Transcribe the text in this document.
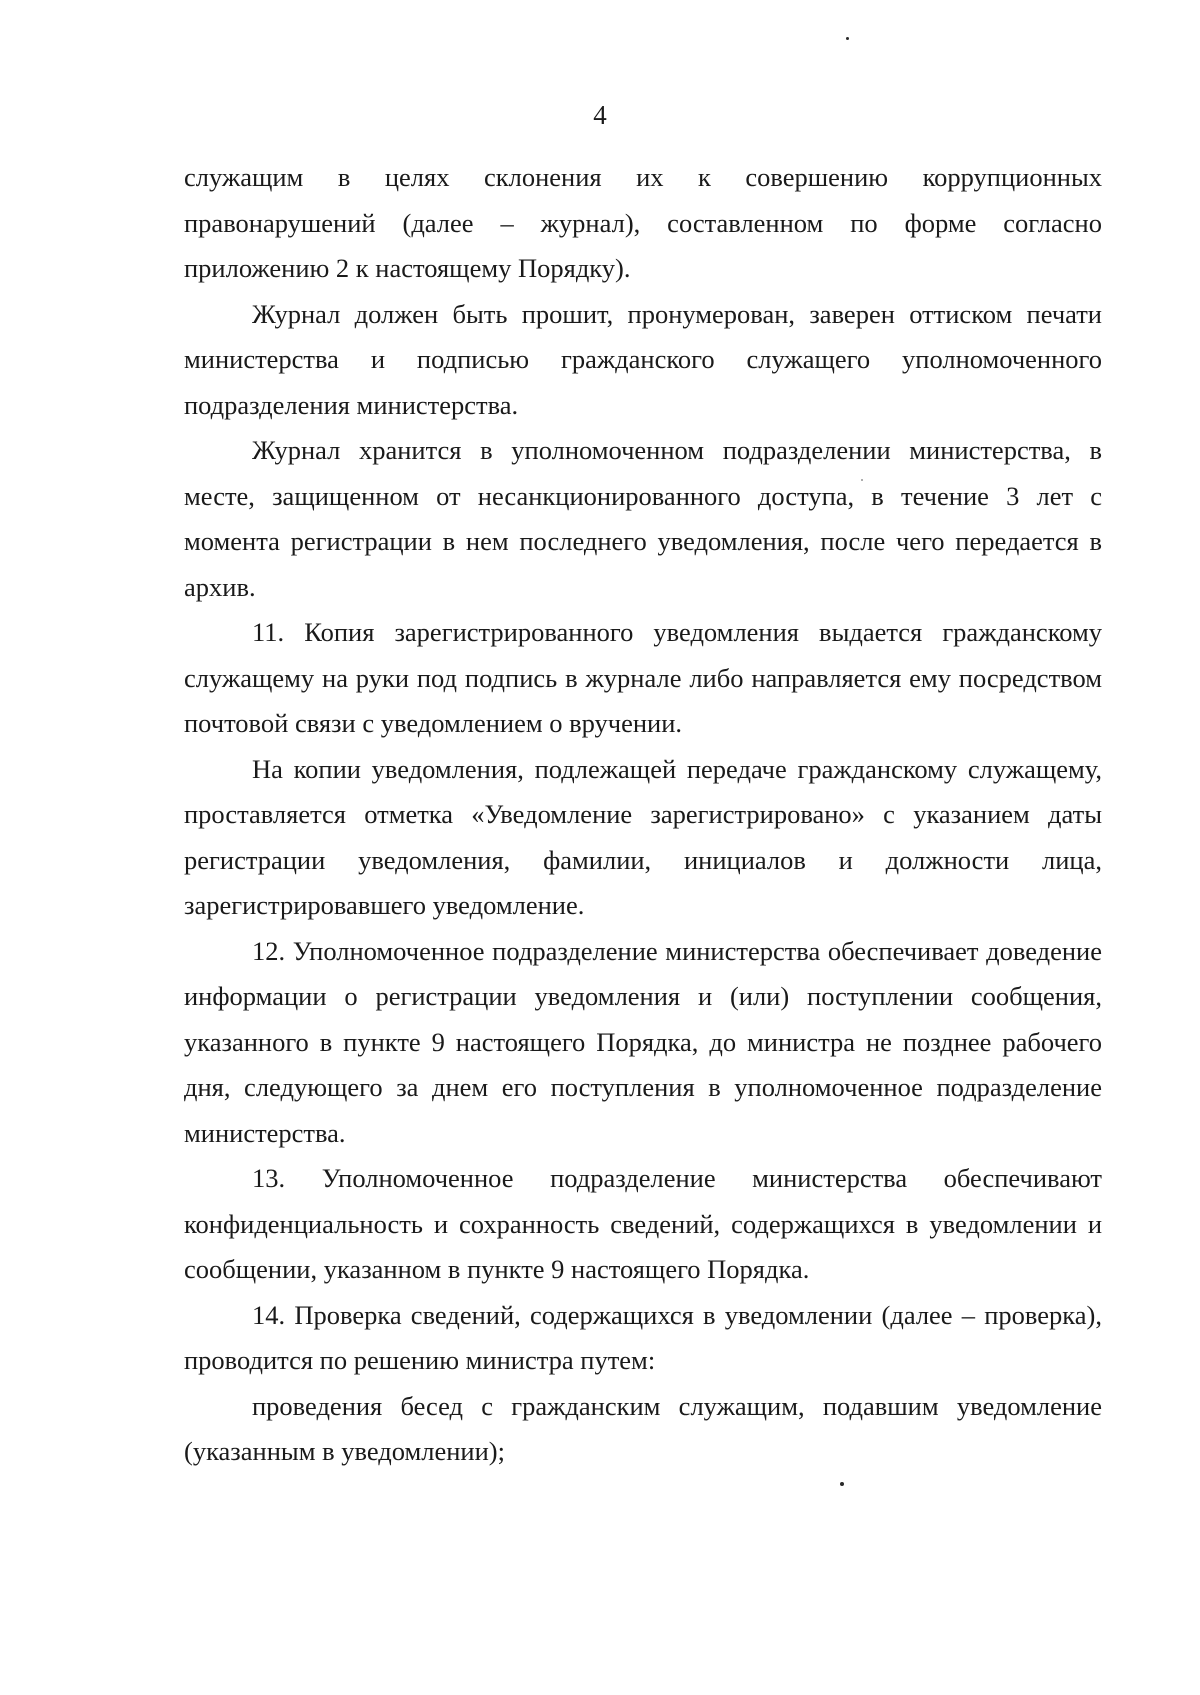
4

служащим в целях склонения их к совершению коррупционных правонарушений (далее – журнал), составленном по форме согласно приложению 2 к настоящему Порядку).

Журнал должен быть прошит, пронумерован, заверен оттиском печати министерства и подписью гражданского служащего уполномоченного подразделения министерства.

Журнал хранится в уполномоченном подразделении министерства, в месте, защищенном от несанкционированного доступа, в течение 3 лет с момента регистрации в нем последнего уведомления, после чего передается в архив.

11. Копия зарегистрированного уведомления выдается гражданскому служащему на руки под подпись в журнале либо направляется ему посредством почтовой связи с уведомлением о вручении.

На копии уведомления, подлежащей передаче гражданскому служащему, проставляется отметка «Уведомление зарегистрировано» с указанием даты регистрации уведомления, фамилии, инициалов и должности лица, зарегистрировавшего уведомление.

12. Уполномоченное подразделение министерства обеспечивает доведение информации о регистрации уведомления и (или) поступлении сообщения, указанного в пункте 9 настоящего Порядка, до министра не позднее рабочего дня, следующего за днем его поступления в уполномоченное подразделение министерства.

13. Уполномоченное подразделение министерства обеспечивают конфиденциальность и сохранность сведений, содержащихся в уведомлении и сообщении, указанном в пункте 9 настоящего Порядка.

14. Проверка сведений, содержащихся в уведомлении (далее – проверка), проводится по решению министра путем:

проведения бесед с гражданским служащим, подавшим уведомление (указанным в уведомлении);
